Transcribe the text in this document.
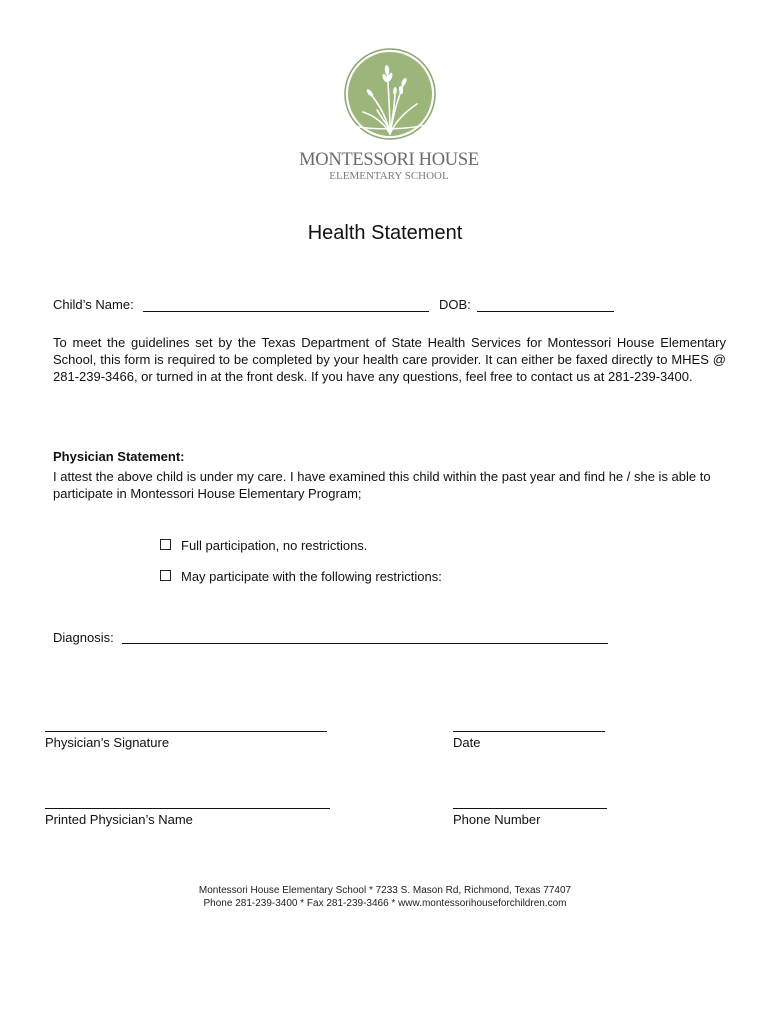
MONTESSORI HOUSE
ELEMENTARY SCHOOL
Health Statement
Child’s Name:	DOB:
To meet the guidelines set by the Texas Department of State Health Services for Montessori House Elementary School, this form is required to be completed by your health care provider. It can either be faxed directly to MHES @ 281-239-3466, or turned in at the front desk. If you have any questions, feel free to contact us at 281-239-3400.
Physician Statement:
I attest the above child is under my care. I have examined this child within the past year and find he / she is able to participate in Montessori House Elementary Program;
Full participation, no restrictions.
May participate with the following restrictions:
Diagnosis:
Physician’s Signature	Date
Printed Physician’s Name	Phone Number
Montessori House Elementary School * 7233 S. Mason Rd, Richmond, Texas 77407
Phone 281-239-3400 * Fax 281-239-3466 * www.montessorihouseforchildren.com
